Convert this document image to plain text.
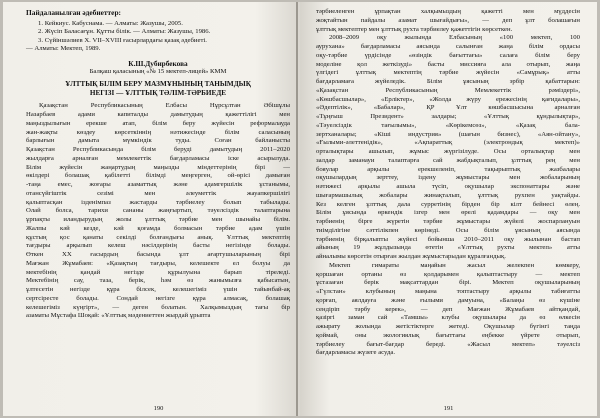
Пайдаланылған әдебиеттер:
1. Кейкиус. Кабуснама. — Алматы: Жазушы, 2005.
2. Жүсіп Баласағұн. Құтты білік. — Алматы: Жазушы, 1986.
3. Сүйіншәлиев Х. VII–XVIII ғасырлардағы қазақ әдебиеті.
— Алматы: Мектеп, 1989.
К.Ш.Дубирбекова
Балқаш қаласының «№ 15 мектеп-лицей» КММ
ҰЛТТЫҚ БІЛІМ БЕРУ МАЗМҰНЫНЫҢ ТАНЫМДЫҚ
НЕГІЗІ — ҰЛТТЫҚ ТӘЛІМ-ТӘРБИЕДЕ
Қазақстан Республикасының Елбасы Нұрсұлтан Әбішұлы
Назарбаев адами капиталды дамытудың қажеттілігі мен
маңыздылығын ерекше атап, білім беру жүйесін реформалауда
жан-жақты көздеу көрсеткіннің нәтижесінде білім саласының
барлығын дамыта мүмкіндік туды. Соған байланысты
Қазақстан Республикасында білім беруді дамытудың 2011–2020
жылдарға арналған мемлекеттік бағдарламасы іске асырылуда.
Білім жүйесін жаңартудың маңызды міндеттерінің бірі —
өкілдері болашақ қабілетті білімді меңгерген, ой-өрісі дамыған
-таңа емес, жоғары азаматтық және адамгершілік ұстанымы,
отансүйгіштік сезімі мен әлеуметтік жауапкершілігі
қалыптасқан ізденімпаз жастарды тәрбиелеу болып табылады.
Олай болса, тарихи сананы жаңғыртып, тәуелсіздік талаптарына
ұрпақты иландырудың жолы ұлттық тәрбие мен шынайы білім.
Жалпы кәй кезде, кәй қоғамда болмасын тәрбие адам үшін
құстың қос қанаты секілді болғандығы анық. Ұлттық мектептің
тағдыры арқылып келеш нәсілдерінің басты негізінде болады.
Өткен ХХ ғасырдың басында ұлт ағартушыларының бірі
Мағжан Жұмабаев: «Қазақтың тағдыры, келешекте ел болуы да
мектебінің қандай негізде құрылуына барып тіреледі.
Мектебінің сау, таза, берік, һәм өз жанымызға қабысатын,
ұлтесетін негізде құра білсек, келешегіміз үшін тайынбай-ақ
сертсіресте болады. Сондай негізге құра алмасақ, болашақ
келешегіміз күңгірт», — деген болатын. Халқымыздың тағы бір
азаматы Мұстафа Шоқай: «Ұлттық мәдениеттен жырдай ұрыпта
190
тәрбиеленген ұрпақтан халқымыздың қажетті мен мүддесін
жоқтайтын пайдалы азамат шығайдығы», — деп ұлт болашағын
ұлттық мектептер мен ұлттық рухта тәрбиелеу қажеттігін көрсеткен.
2008–2009 оқу жылында Елбасының «100 мектеп, 100
ауруханa» бағдарламасы аясында салынған жаңа білім ордасы
оқу-тәрбие үрдісінде «өзіндік бағыттағы» салаға білім беру
моделіне қол жеткізуді» басты миссияға ала отырып, жаңа
үлгідегі ұлттық мектептің тәрбие жүйесін «Самұрық» атты
бағдарламаға жүйеледік. Білім ұясының эрбір қабаттарын:
«Қазақстан Республикасының Мемлекеттік рәміздері»,
«Көшбасшылар», «Ерліктер», «Жолда жүру ережесінің қағидалары»,
«Әдептілік», «Бабалар», ҚР Ұлт көшбасшысына арналған
«Тұңғыш Президент» залдары; «Ұлттық құндылықтар»,
«Тәуелсіздік тағылымы», «Көрікемсөз», «Қазақ бала-
зертханалары; «Кіші индустрия» (шағын бизнес), «Аян-ойтану»,
«Ғылыми-әлеттенідік», «Ақпараттық (электрондық мектеп)»
орталықтары ашылып, жұмыс жүргізілуде. Осы орталықтар мен
залдар заманауи талаптарға сай жабдықталып, ұлттық рең мен
бояулар арқылы ерекшеленіп, тақырыптық жазбалары
оқушылардың зерттеу, іздену жұмыстары мен жобаларының
нәтижесі арқылы ашыла түсіп, оқушылар экспонаттары және
шығармашылық жобалары жинақталып, ұлттық рухпен уақтайды.
Кез келген ұлттық дала сурретінің бірден бір кілт бейнесі өлең.
Білім ұясында өркендік ізгер мен өрелі қадамдары — оқу мен
тәрбиенің бірге жүретін тәрбие жұмыстары жүйелі жоспарлануын
тиімділігіне сәттілікпен көрінеді. Осы білім ұясының аясында
тәрбиенің бірқалыпты жүйесі бойынша 2010–2011 оқу жылынан бастап
айының 19 жұлдызында өтетін «Ұлттық рухты мектеп» атты
айналымы көрсетін отырған жылдан жұмыстарыдан құралғандық.
Мектеп гимараты маңайын жасыл желекпен көмкеру,
қоршаған ортаны өз қолдарымен қалыптастыру — мектеп
ұстазаған берік мақсаттардан бірі. Мектеп оқушыларының
«Гүлстан» клубының маңына топтастыру арқылы табиғатты
қорғап, аялдауға және ғылыми дамуына, «Балаңы өз күшіне
сендіріп тәрбу керек», — деп Мағжан Жұмабаев айтқандай,
қазіргі заман сай «Тамшы» клубы оқушылары да өз өлкесін
ажырату жолында жетістіктерге жетеді. Оқушылар бүгінгі таңда
қоймай, оны экологиялық бағыттағы еңбекке үйрете отырып,
тәрбиелеу бағыт-бағдар береді. «Жасыл мектеп» тәуелсіз
бағдарламасы жүзеге асуда.
191
